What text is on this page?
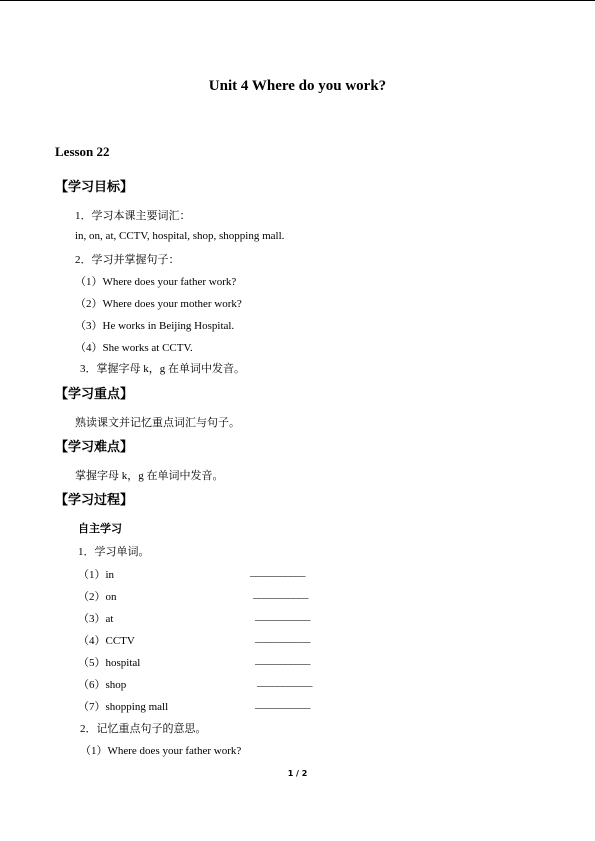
Unit 4 Where do you work?
Lesson 22
【学习目标】
1．学习本课主要词汇：
in, on, at, CCTV, hospital, shop, shopping mall.
2．学习并掌握句子：
（1）Where does your father work?
（2）Where does your mother work?
（3）He works in Beijing Hospital.
（4）She works at CCTV.
3．掌握字母 k，g 在单词中发音。
【学习重点】
熟读课文并记忆重点词汇与句子。
【学习难点】
掌握字母 k，g 在单词中发音。
【学习过程】
自主学习
1．学习单词。
（1）in	___________
（2）on	___________
（3）at	___________
（4）CCTV	___________
（5）hospital	___________
（6）shop	___________
（7）shopping mall	___________
2．记忆重点句子的意思。
（1）Where does your father work?
1 / 2
